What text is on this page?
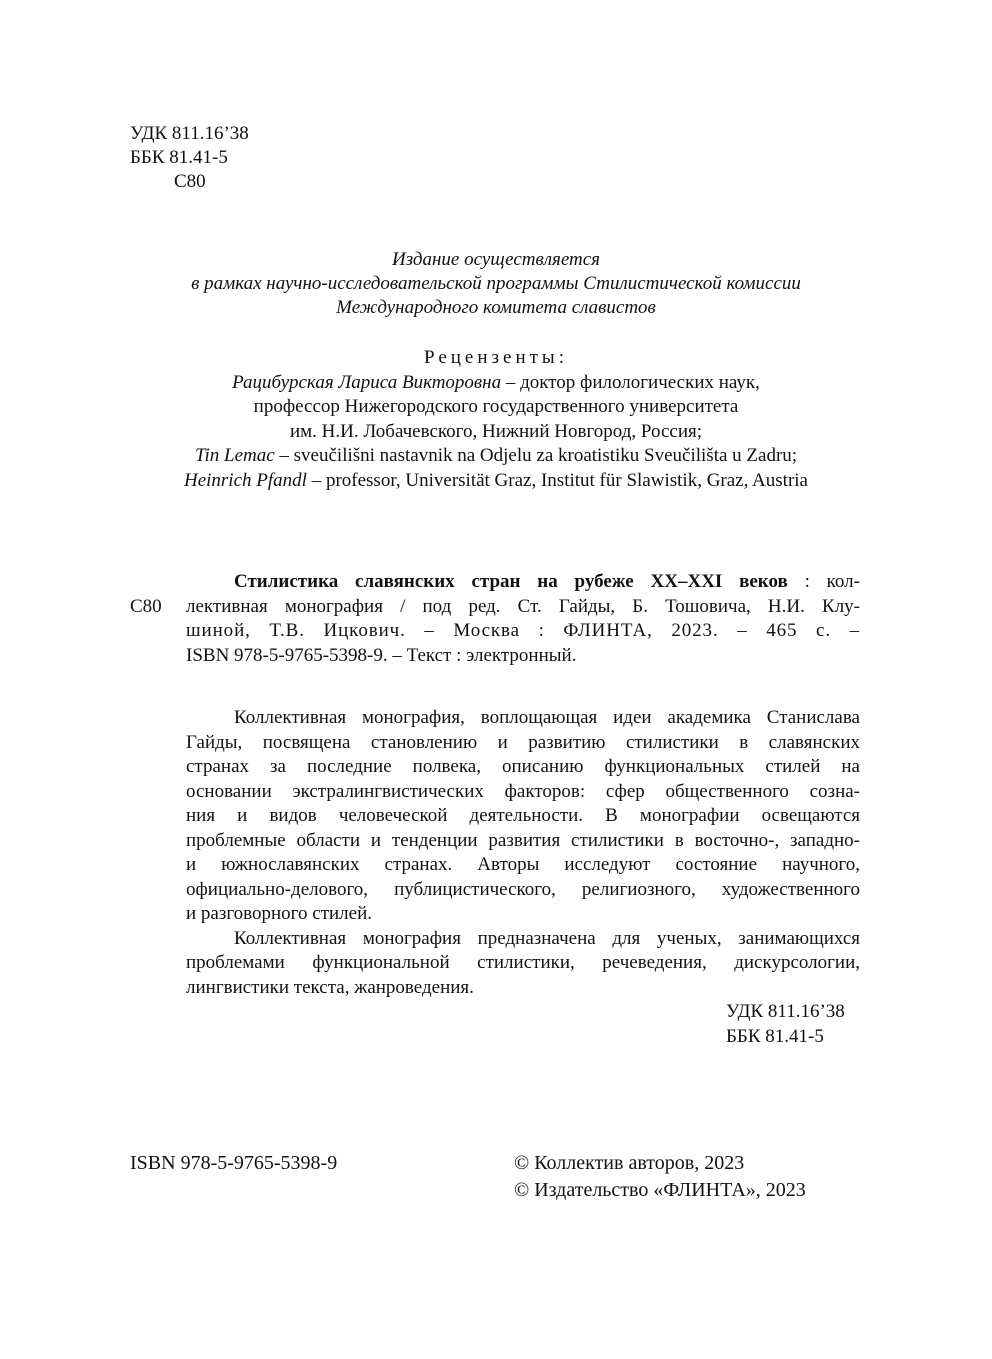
УДК 811.16’38
ББК 81.41-5
С80
Издание осуществляется
в рамках научно-исследовательской программы Стилистической комиссии
Международного комитета славистов
Рецензенты:
Рацибурская Лариса Викторовна – доктор филологических наук,
профессор Нижегородского государственного университета
им. Н.И. Лобачевского, Нижний Новгород, Россия;
Tin Lemac – sveučilišni nastavnik na Odjelu za kroatistiku Sveučilišta u Zadru;
Heinrich Pfandl – professor, Universität Graz, Institut für Slawistik, Graz, Austria
С80
Стилистика славянских стран на рубеже XX–XXI веков : кол-
лективная монография / под ред. Ст. Гайды, Б. Тошовича, Н.И. Клу-
шиной, Т.В. Ицкович. – Москва : ФЛИНТА, 2023. – 465 с. –
ISBN 978-5-9765-5398-9. – Текст : электронный.
Коллективная монография, воплощающая идеи академика Станислава
Гайды, посвящена становлению и развитию стилистики в славянских
странах за последние полвека, описанию функциональных стилей на
основании экстралингвистических факторов: сфер общественного созна-
ния и видов человеческой деятельности. В монографии освещаются
проблемные области и тенденции развития стилистики в восточно-, западно-
и южнославянских странах. Авторы исследуют состояние научного,
официально-делового, публицистического, религиозного, художественного
и разговорного стилей.
Коллективная монография предназначена для ученых, занимающихся
проблемами функциональной стилистики, речеведения, дискурсологии,
лингвистики текста, жанроведения.
УДК 811.16’38
ББК 81.41-5
ISBN 978-5-9765-5398-9	© Коллектив авторов, 2023
© Издательство «ФЛИНТА», 2023
